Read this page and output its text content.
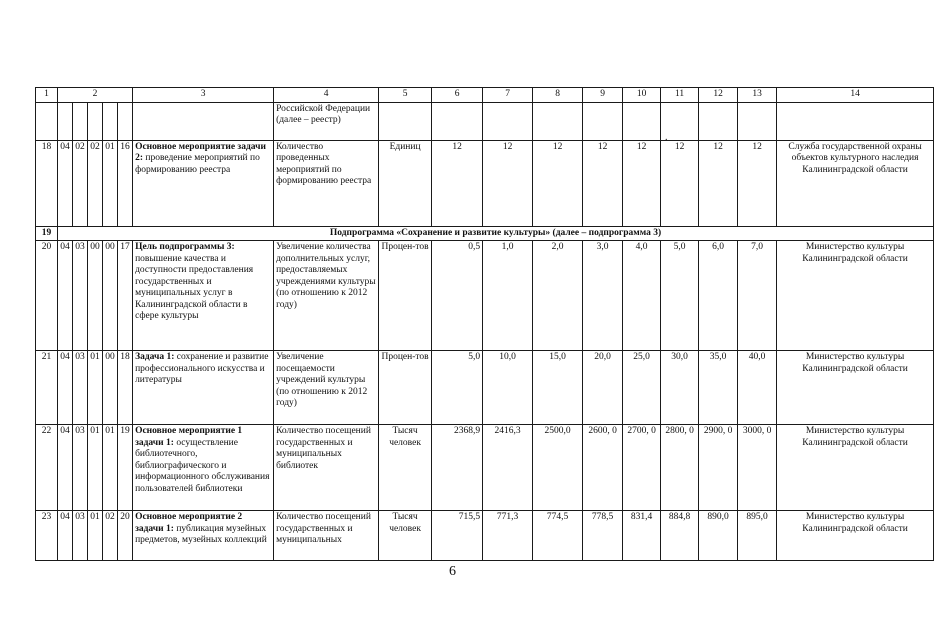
1	2					3	4	5	6	7	8	9	10	11	12	13	14
							Российской Федерации (далее – реестр)										
18	04	02	02	01	16	Основное мероприятие задачи 2: проведение мероприятий по формированию реестра	Количество проведенных мероприятий по формированию реестра	Единиц	12	12	12	12	12	12	12	12	Служба государственной охраны объектов культурного наследия Калининградской области
19	Подпрограмма «Сохранение и развитие культуры» (далее – подпрограмма 3)																
20	04	03	00	00	17	Цель подпрограммы 3: повышение качества и доступности предоставления государственных и муниципальных услуг в Калининградской области в сфере культуры	Увеличение количества дополнительных услуг, предоставляемых учреждениями культуры (по отношению к 2012 году)	Процен-тов	0,5	1,0	2,0	3,0	4,0	5,0	6,0	7,0	Министерство культуры Калининградской области
21	04	03	01	00	18	Задача 1: сохранение и развитие профессионального искусства и литературы	Увеличение посещаемости учреждений культуры (по отношению к 2012 году)	Процен-тов	5,0	10,0	15,0	20,0	25,0	30,0	35,0	40,0	Министерство культуры Калининградской области
22	04	03	01	01	19	Основное мероприятие 1 задачи 1: осуществление библиотечного, библиографического и информационного обслуживания пользователей библиотеки	Количество посещений государственных и муниципальных библиотек	Тысяч человек	2368,9	2416,3	2500,0	2600, 0	2700, 0	2800, 0	2900, 0	3000, 0	Министерство культуры Калининградской области
23	04	03	01	02	20	Основное мероприятие 2 задачи 1: публикация музейных предметов, музейных коллекций	Количество посещений государственных и муниципальных	Тысяч человек	715,5	771,3	774,5	778,5	831,4	884,8	890,0	895,0	Министерство культуры Калининградской области
.
6
